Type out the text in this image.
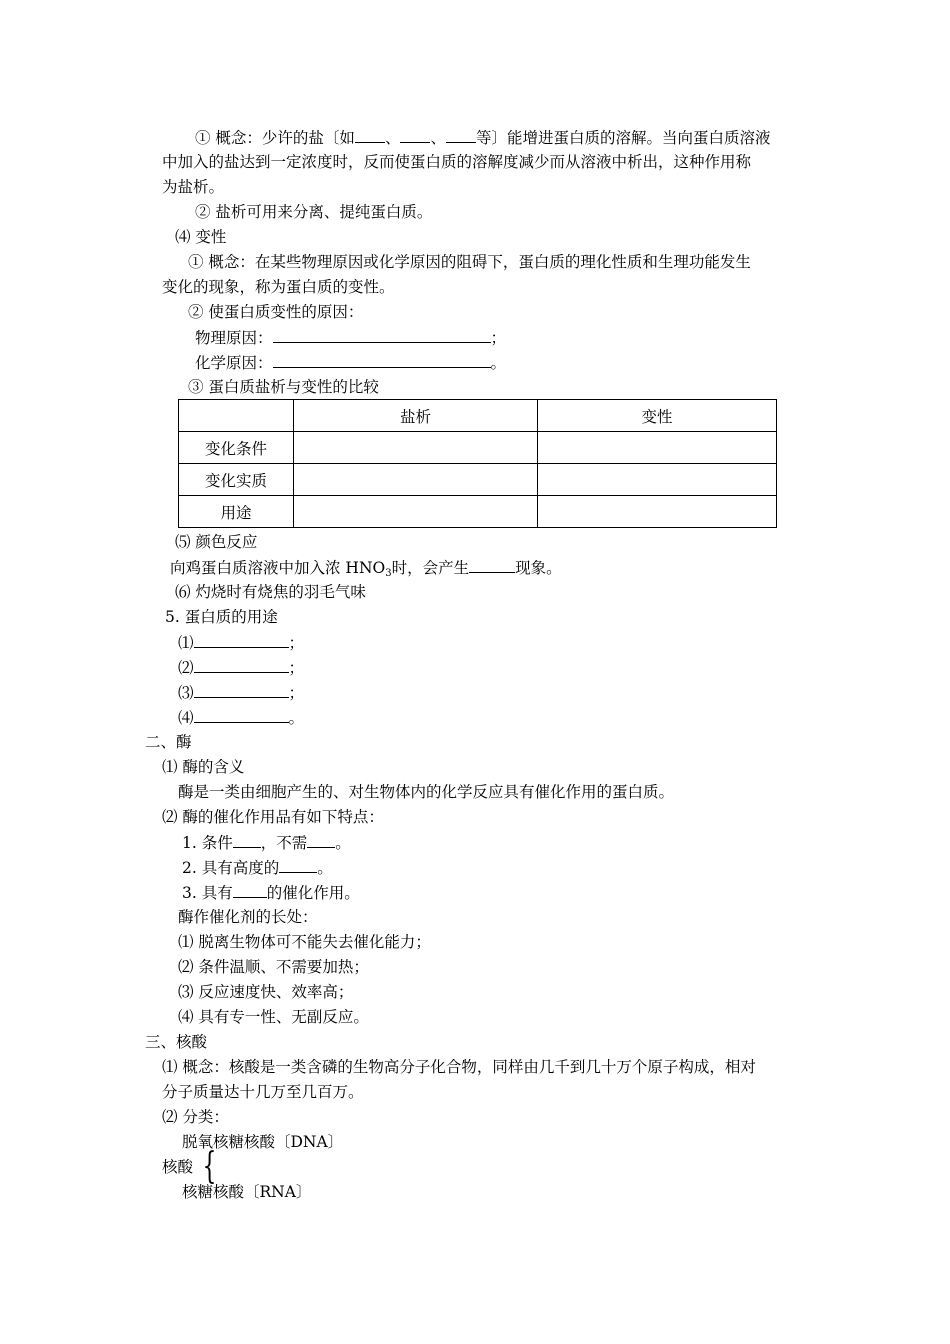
① 概念：少许的盐〔如 、 、 等〕能增进蛋白质的溶解。当向蛋白质溶液
中加入的盐达到一定浓度时，反而使蛋白质的溶解度减少而从溶液中析出，这种作用称
为盐析。
② 盐析可用来分离、提纯蛋白质。
⑷ 变性
① 概念：在某些物理原因或化学原因的阻碍下，蛋白质的理化性质和生理功能发生
变化的现象，称为蛋白质的变性。
② 使蛋白质变性的原因：
物理原因：	；
化学原因：	。
③ 蛋白质盐析与变性的比较
	盐析	变性
变化条件		
变化实质		
用途		
⑸ 颜色反应
向鸡蛋白质溶液中加入浓 $HNO_3$时，会产生	现象。
⑹ 灼烧时有烧焦的羽毛气味
5. 蛋白质的用途
⑴	；
⑵	；
⑶	；
⑷	。
二、酶
⑴ 酶的含义
酶是一类由细胞产生的、对生物体内的化学反应具有催化作用的蛋白质。
⑵ 酶的催化作用品有如下特点：
1. 条件 ，不需 。
2. 具有高度的 。
3. 具有 的催化作用。
酶作催化剂的长处：
⑴ 脱离生物体可不能失去催化能力；
⑵ 条件温顺、不需要加热；
⑶ 反应速度快、效率高；
⑷ 具有专一性、无副反应。
三、核酸
⑴ 概念：核酸是一类含磷的生物高分子化合物，同样由几千到几十万个原子构成，相对
分子质量达十几万至几百万。
⑵ 分类：
脱氧核糖核酸〔DNA〕
核酸 {
核糖核酸〔RNA〕
